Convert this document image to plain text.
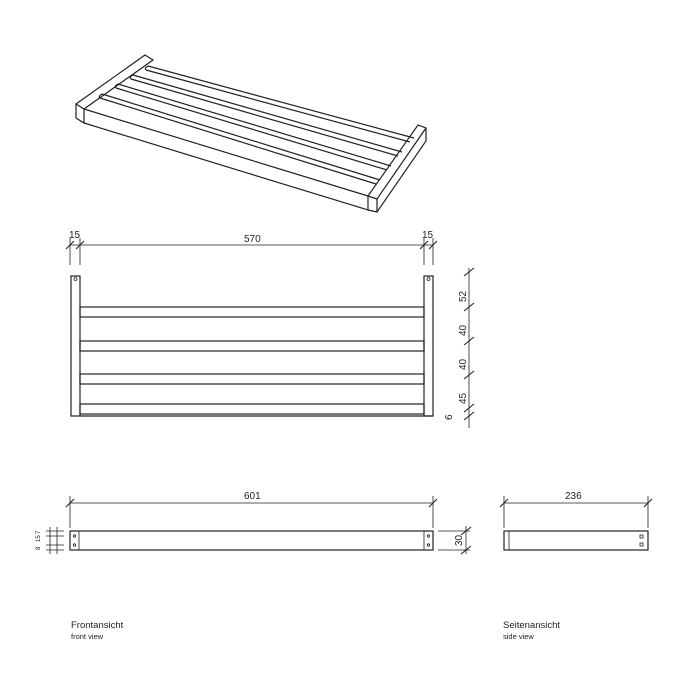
15	570	15
52
40
40
45
6
601
8
15
7
30
236
Frontansicht
front view
Seitenansicht
side view
